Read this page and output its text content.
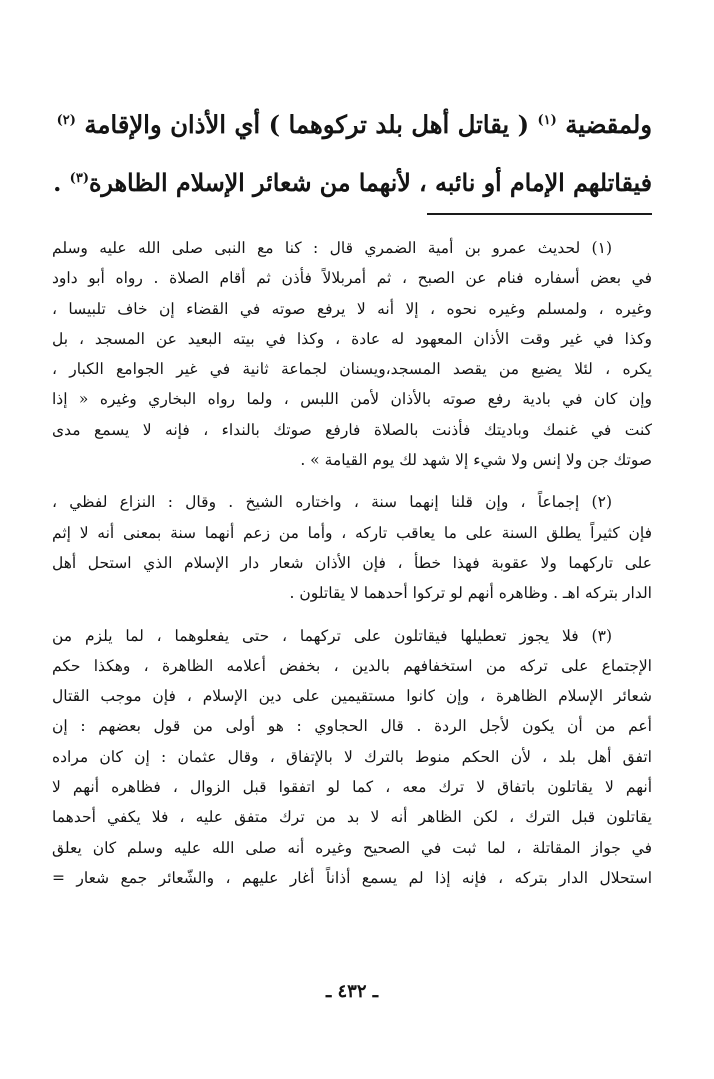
ولمقضية $^{(١)}$ ( يقاتل أهل بلد تركوهما ) أي الأذان والإقامة $^{(٢)}$
فيقاتلهم الإمام أو نائبه ، لأنهما من شعائر الإسلام الظاهرة$^{(٣)}$ .
(١) لحديث عمرو بن أمية الضمري قال : كنا مع النبى صلى الله عليه وسلم
في بعض أسفاره فنام عن الصبح ، ثم أمربلالاً فأذن ثم أقام الصلاة . رواه أبو داود
وغيره ، ولمسلم وغيره نحوه ، إلا أنه لا يرفع صوته في القضاء إن خاف تلبيسا ،
وكذا في غير وقت الأذان المعهود له عادة ، وكذا في بيته البعيد عن المسجد ، بل
يكره ، لئلا يضيع من يقصد المسجد،ويسنان لجماعة ثانية في غير الجوامع الكبار ،
وإن كان في بادية رفع صوته بالأذان لأمن اللبس ، ولما رواه البخاري وغيره « إذا
كنت في غنمك وباديتك فأذنت بالصلاة فارفع صوتك بالنداء ، فإنه لا يسمع مدى
صوتك جن ولا إنس ولا شيء إلا شهد لك يوم القيامة » .
(٢) إجماعاً ، وإن قلنا إنهما سنة ، واختاره الشيخ . وقال : النزاع لفظي ،
فإن كثيراً يطلق السنة على ما يعاقب تاركه ، وأما من زعم أنهما سنة بمعنى أنه لا إثم
على تاركهما ولا عقوبة فهذا خطأ ، فإن الأذان شعار دار الإسلام الذي استحل أهل
الدار بتركه اهـ . وظاهره أنهم لو تركوا أحدهما لا يقاتلون .
(٣) فلا يجوز تعطيلها فيقاتلون على تركهما ، حتى يفعلوهما ، لما يلزم من
الإجتماع على تركه من استخفافهم بالدين ، بخفض أعلامه الظاهرة ، وهكذا حكم
شعائر الإسلام الظاهرة ، وإن كانوا مستقيمين على دين الإسلام ، فإن موجب القتال
أعم من أن يكون لأجل الردة . قال الحجاوي : هو أولى من قول بعضهم : إن
اتفق أهل بلد ، لأن الحكم منوط بالترك لا بالإتفاق ، وقال عثمان : إن كان مراده
أنهم لا يقاتلون باتفاق لا ترك معه ، كما لو اتفقوا قبل الزوال ، فظاهره أنهم لا
يقاتلون قبل الترك ، لكن الظاهر أنه لا بد من ترك متفق عليه ، فلا يكفي أحدهما
في جواز المقاتلة ، لما ثبت في الصحيح وغيره أنه صلى الله عليه وسلم كان يعلق
استحلال الدار بتركه ، فإنه إذا لم يسمع أذاناً أغار عليهم ، والشّعائر جمع شعار =
ـ ٤٣٢ ـ
